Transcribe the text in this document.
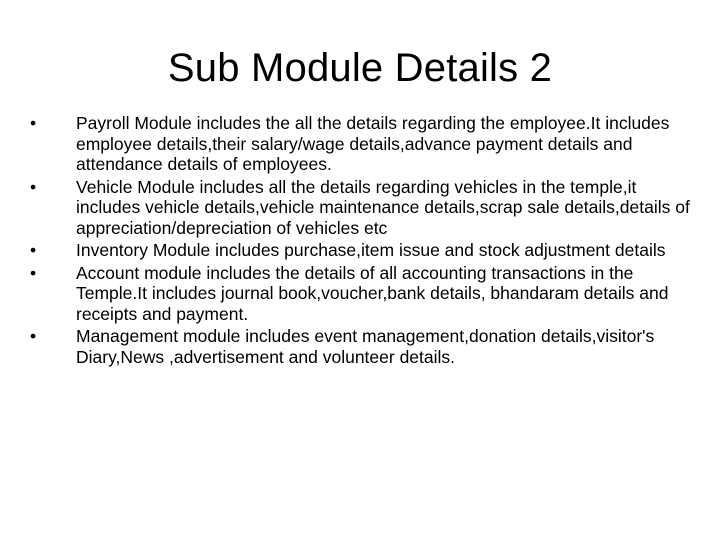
Sub Module Details 2
•	Payroll Module includes the all the details regarding the employee.It includes employee details,their salary/wage details,advance payment details and attendance details of employees.
•	Vehicle Module includes all the details regarding vehicles in the temple,it includes vehicle details,vehicle maintenance details,scrap sale details,details of appreciation/depreciation of vehicles etc
•	Inventory Module includes purchase,item issue and stock adjustment details
•	Account module includes the details of all accounting transactions in the Temple.It includes journal book,voucher,bank details, bhandaram details and receipts and payment.
•	Management module includes event management,donation details,visitor's Diary,News ,advertisement and volunteer details.
